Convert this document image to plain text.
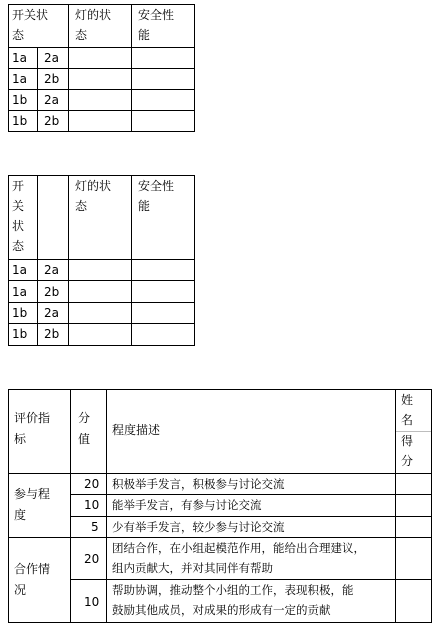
开关状
态
灯的状
态
安全性
能
1a 2a
1a 2b
1b 2a
1b 2b
开
关
状
态
灯的状
态
安全性
能
1a 2a
1a 2b
1b 2a
1b 2b
评价指
标
分
值
程度描述
姓
名
得
分
参与程
度
20
10
5
积极举手发言，积极参与讨论交流
能举手发言，有参与讨论交流
少有举手发言，较少参与讨论交流
合作情
况
20
10
团结合作，在小组起模范作用，能给出合理建议，
组内贡献大，并对其同伴有帮助
帮助协调，推动整个小组的工作，表现积极，能
鼓励其他成员，对成果的形成有一定的贡献
